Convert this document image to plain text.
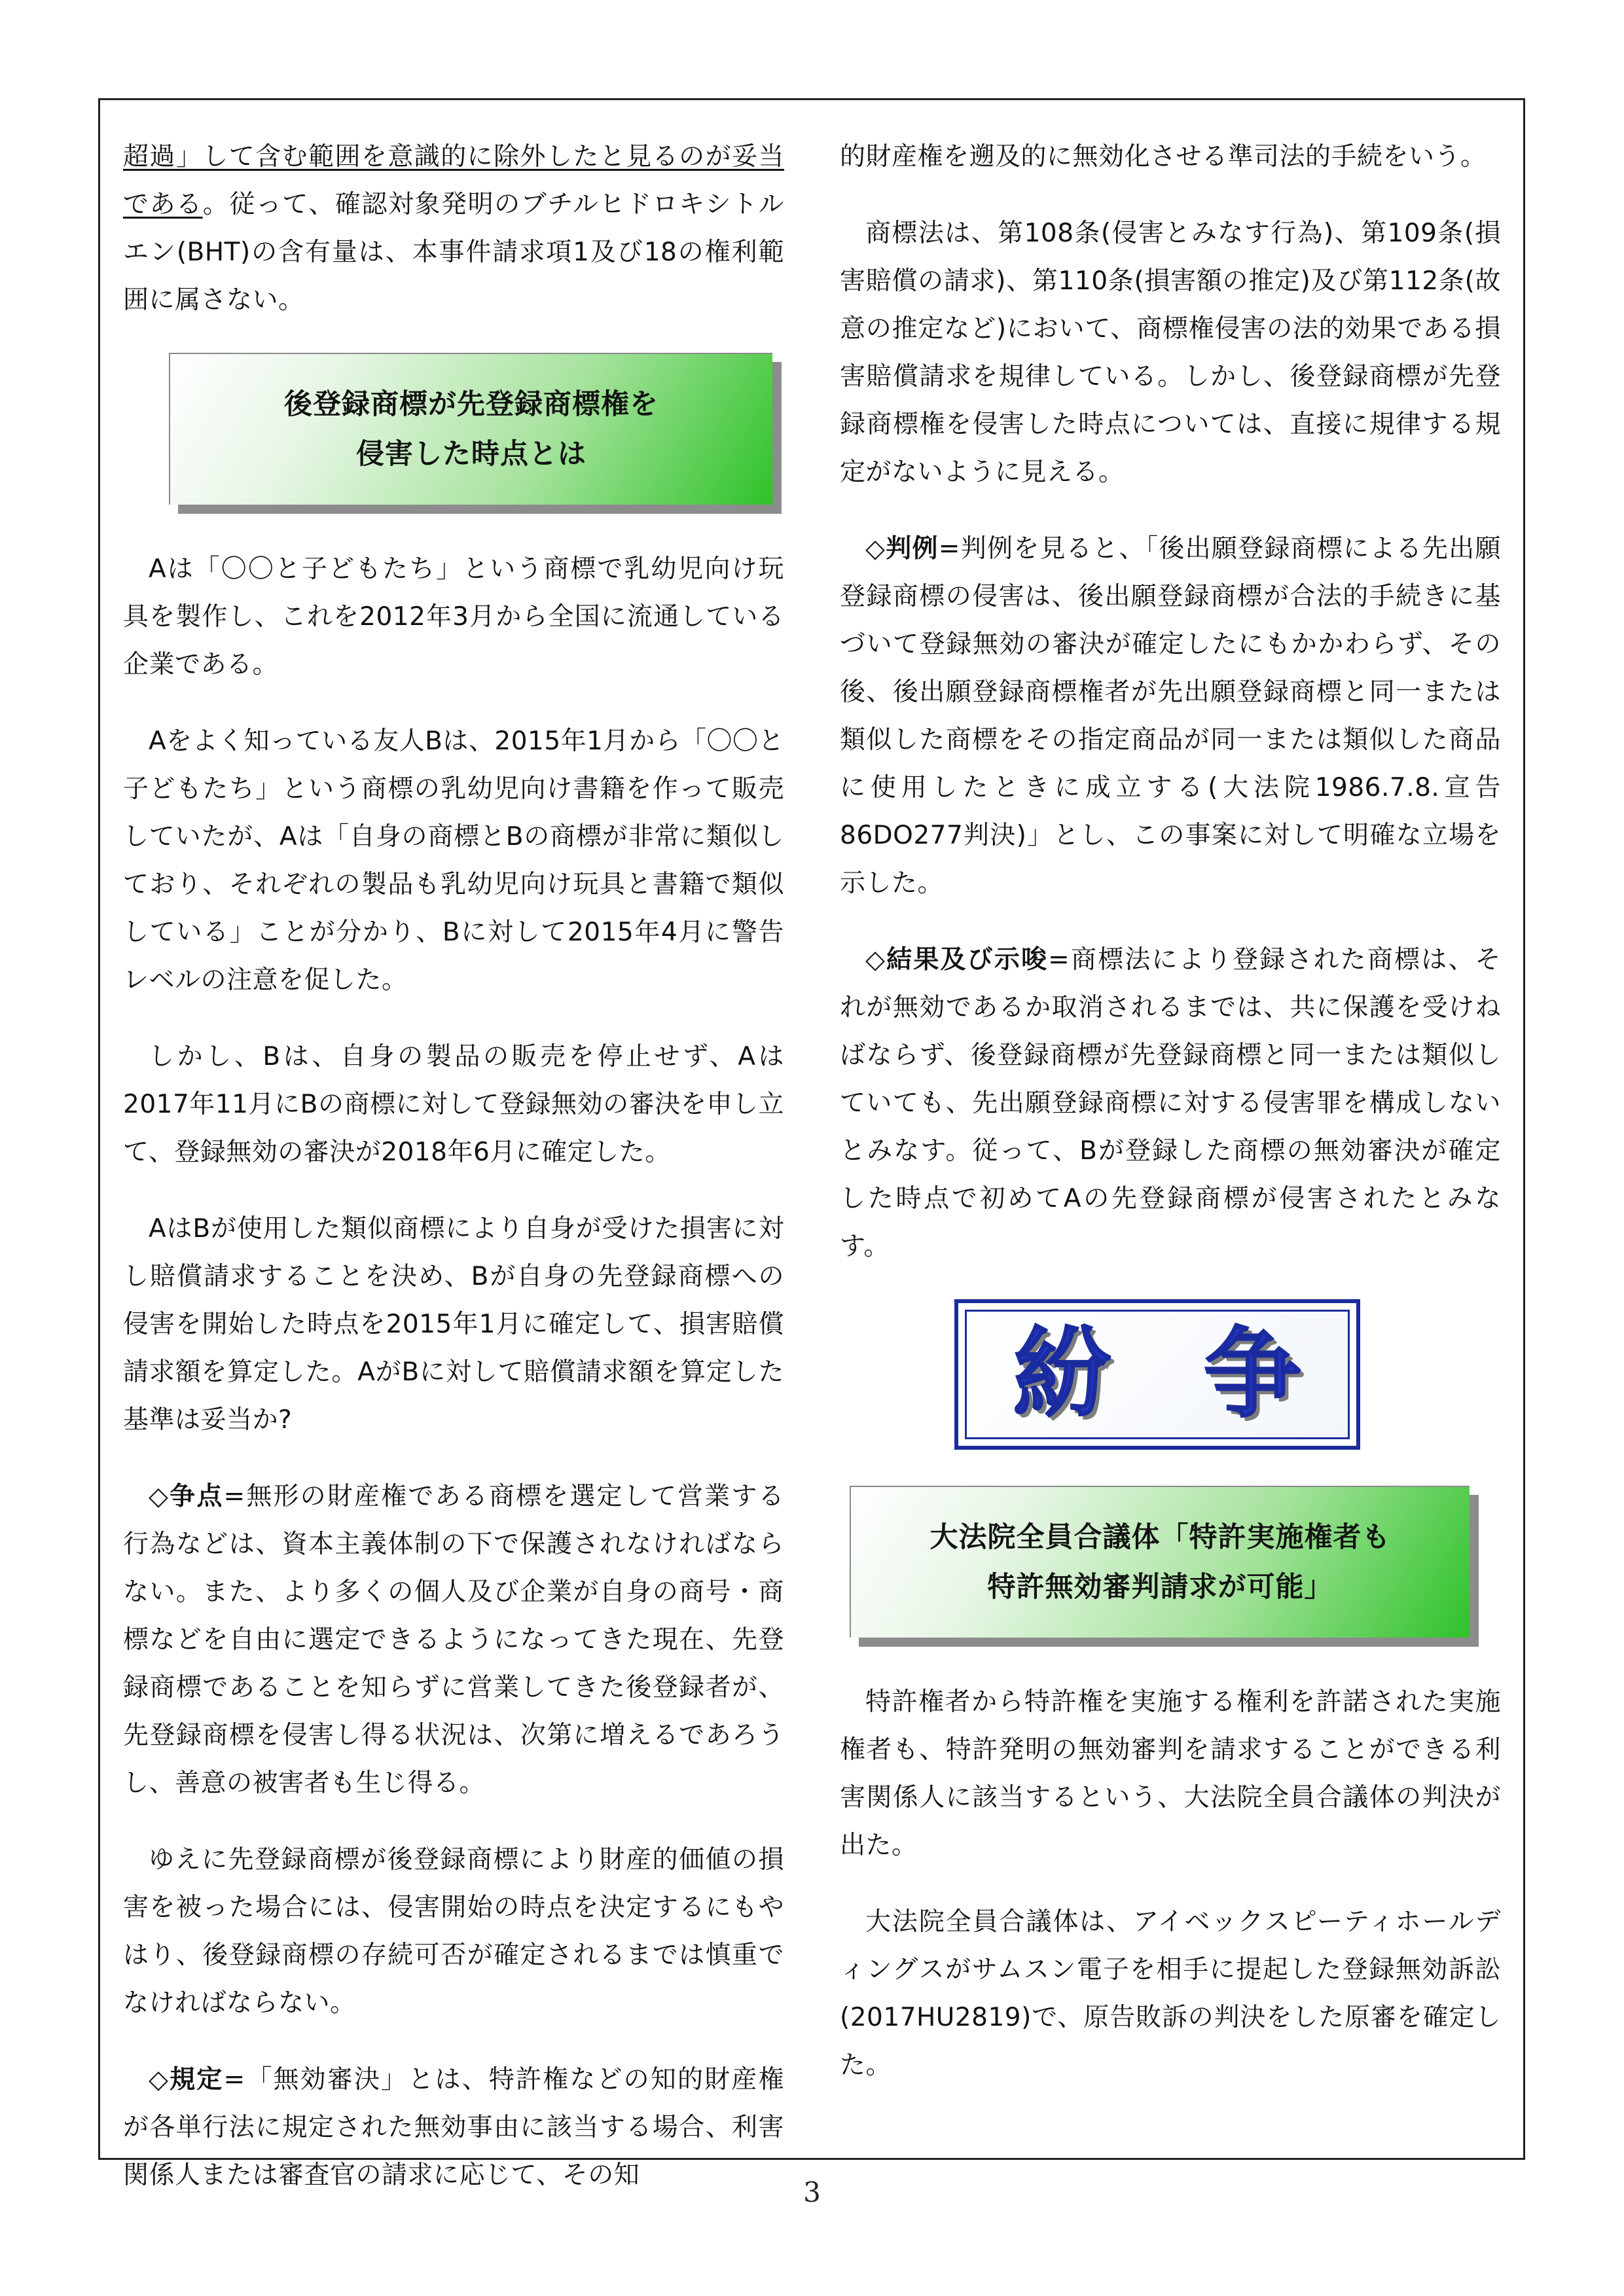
超過」して含む範囲を意識的に除外したと見るのが妥当である。従って、確認対象発明のブチルヒドロキシトルエン(BHT)の含有量は、本事件請求項1及び18の権利範囲に属さない。

後登録商標が先登録商標権を
侵害した時点とは

Aは「〇〇と子どもたち」という商標で乳幼児向け玩具を製作し、これを2012年3月から全国に流通している企業である。

Aをよく知っている友人Bは、2015年1月から「〇〇と子どもたち」という商標の乳幼児向け書籍を作って販売していたが、Aは「自身の商標とBの商標が非常に類似しており、それぞれの製品も乳幼児向け玩具と書籍で類似している」ことが分かり、Bに対して2015年4月に警告レベルの注意を促した。

しかし、Bは、自身の製品の販売を停止せず、Aは2017年11月にBの商標に対して登録無効の審決を申し立て、登録無効の審決が2018年6月に確定した。

AはBが使用した類似商標により自身が受けた損害に対し賠償請求することを決め、Bが自身の先登録商標への侵害を開始した時点を2015年1月に確定して、損害賠償請求額を算定した。AがBに対して賠償請求額を算定した基準は妥当か?

◇争点=無形の財産権である商標を選定して営業する行為などは、資本主義体制の下で保護されなければならない。また、より多くの個人及び企業が自身の商号・商標などを自由に選定できるようになってきた現在、先登録商標であることを知らずに営業してきた後登録者が、先登録商標を侵害し得る状況は、次第に増えるであろうし、善意の被害者も生じ得る。

ゆえに先登録商標が後登録商標により財産的価値の損害を被った場合には、侵害開始の時点を決定するにもやはり、後登録商標の存続可否が確定されるまでは慎重でなければならない。

◇規定=「無効審決」とは、特許権などの知的財産権が各単行法に規定された無効事由に該当する場合、利害関係人または審査官の請求に応じて、その知

的財産権を遡及的に無効化させる準司法的手続をいう。

商標法は、第108条(侵害とみなす行為)、第109条(損害賠償の請求)、第110条(損害額の推定)及び第112条(故意の推定など)において、商標権侵害の法的効果である損害賠償請求を規律している。しかし、後登録商標が先登録商標権を侵害した時点については、直接に規律する規定がないように見える。

◇判例=判例を見ると、「後出願登録商標による先出願登録商標の侵害は、後出願登録商標が合法的手続きに基づいて登録無効の審決が確定したにもかかわらず、その後、後出願登録商標権者が先出願登録商標と同一または類似した商標をその指定商品が同一または類似した商品に使用したときに成立する(大法院1986.7.8.宣告86DO277判決)」とし、この事案に対して明確な立場を示した。

◇結果及び示唆=商標法により登録された商標は、それが無効であるか取消されるまでは、共に保護を受けねばならず、後登録商標が先登録商標と同一または類似していても、先出願登録商標に対する侵害罪を構成しないとみなす。従って、Bが登録した商標の無効審決が確定した時点で初めてAの先登録商標が侵害されたとみなす。

紛 争
大法院全員合議体「特許実施権者も
特許無効審判請求が可能」

特許権者から特許権を実施する権利を許諾された実施権者も、特許発明の無効審判を請求することができる利害関係人に該当するという、大法院全員合議体の判決が出た。

大法院全員合議体は、アイベックスピーティホールディングスがサムスン電子を相手に提起した登録無効訴訟(2017HU2819)で、原告敗訴の判決をした原審を確定した。

3
